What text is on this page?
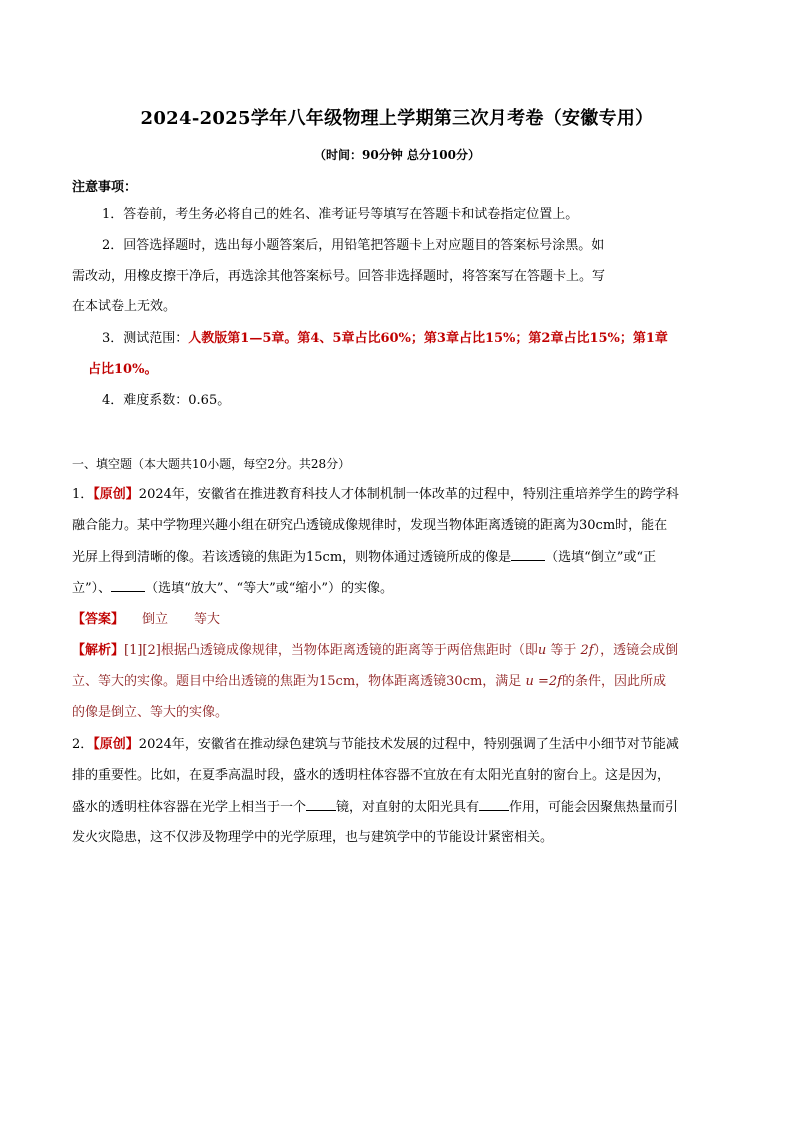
2024-2025学年八年级物理上学期第三次月考卷（安徽专用）
（时间：90分钟 总分100分）
注意事项：
1．答卷前，考生务必将自己的姓名、准考证号等填写在答题卡和试卷指定位置上。
2．回答选择题时，选出每小题答案后，用铅笔把答题卡上对应题目的答案标号涂黑。如
需改动，用橡皮擦干净后，再选涂其他答案标号。回答非选择题时，将答案写在答题卡上。写
在本试卷上无效。
3．测试范围：人教版第1—5章。第4、5章占比60%；第3章占比15%；第2章占比15%；第1章
占比10%。
4．难度系数：0.65。
一、填空题（本大题共10小题，每空2分。共28分）
1．【原创】2024年，安徽省在推进教育科技人才体制机制一体改革的过程中，特别注重培养学生的跨学科
融合能力。某中学物理兴趣小组在研究凸透镜成像规律时，发现当物体距离透镜的距离为30cm时，能在
光屏上得到清晰的像。若该透镜的焦距为15cm，则物体通过透镜所成的像是	（选填“倒立”或“正
立”）、	（选填“放大”、“等大”或“缩小”）的实像。
【答案】 倒立 等大
【解析】[1][2]根据凸透镜成像规律，当物体距离透镜的距离等于两倍焦距时（即u 等于 2f），透镜会成倒
立、等大的实像。题目中给出透镜的焦距为15cm，物体距离透镜30cm，满足 u =2f的条件，因此所成
的像是倒立、等大的实像。
2．【原创】2024年，安徽省在推动绿色建筑与节能技术发展的过程中，特别强调了生活中小细节对节能减
排的重要性。比如，在夏季高温时段，盛水的透明柱体容器不宜放在有太阳光直射的窗台上。这是因为，
盛水的透明柱体容器在光学上相当于一个 镜，对直射的太阳光具有 作用，可能会因聚焦热量而引
发火灾隐患，这不仅涉及物理学中的光学原理，也与建筑学中的节能设计紧密相关。
